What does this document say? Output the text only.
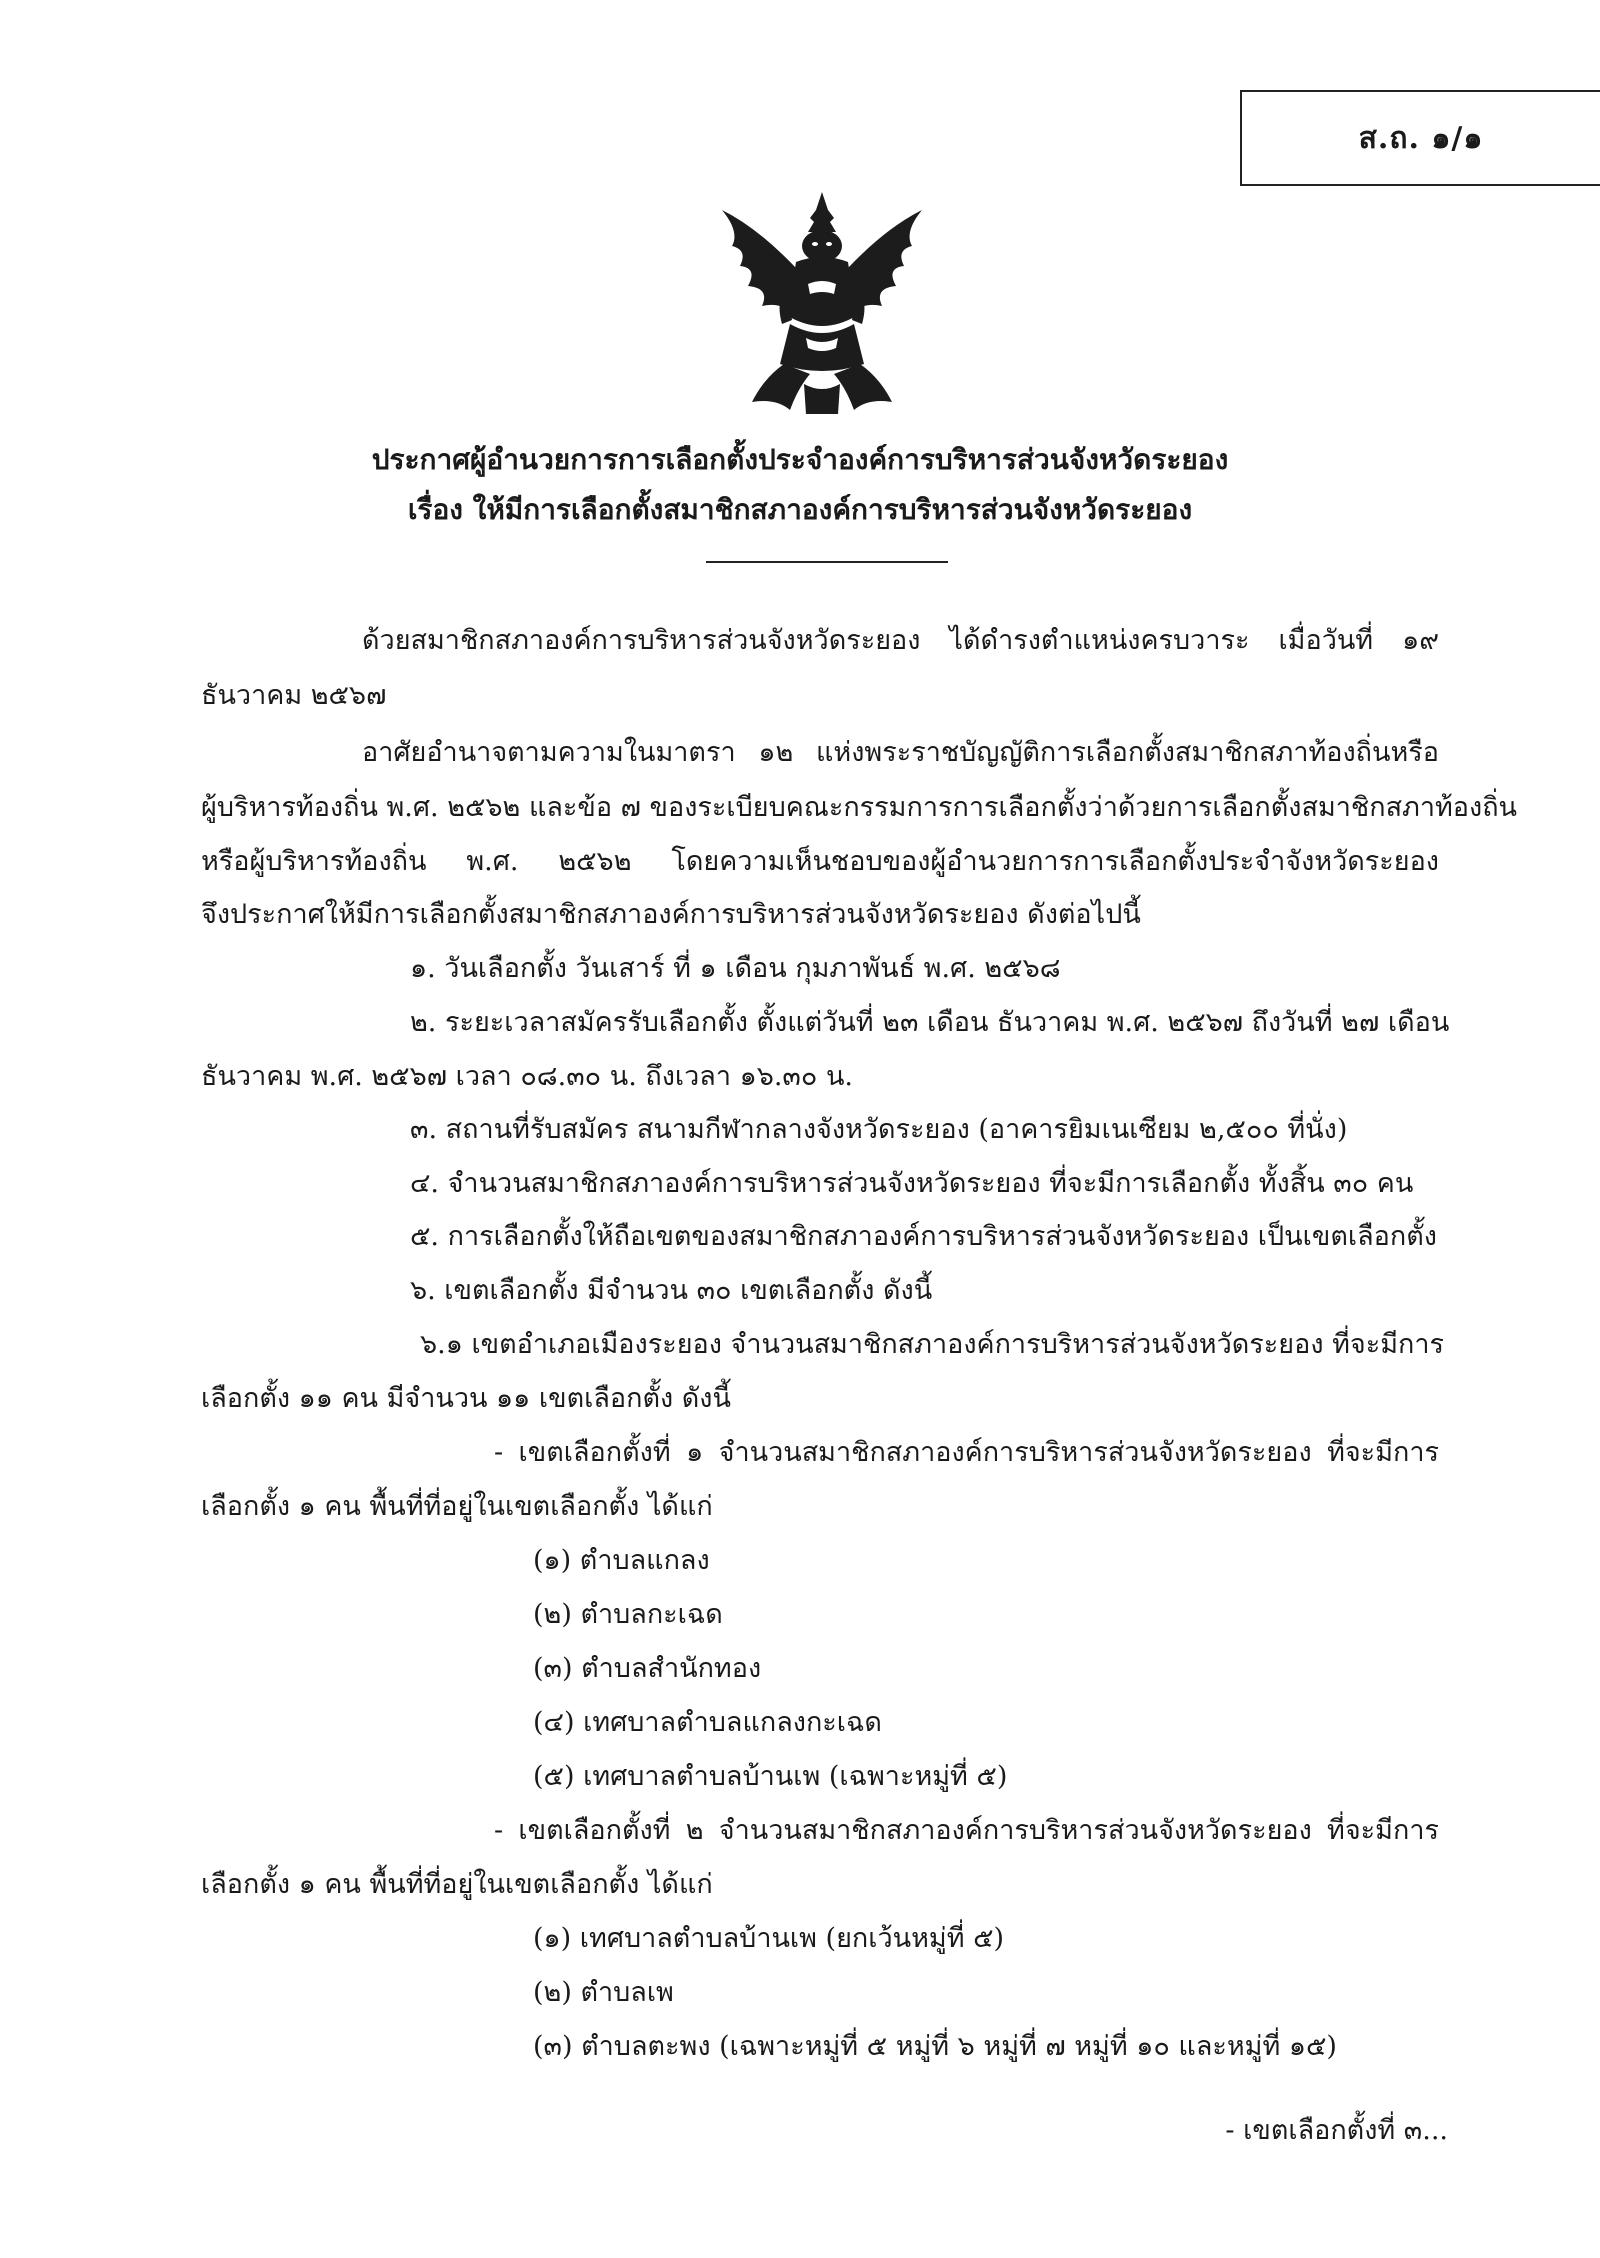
ส.ถ. ๑/๑
ประกาศผู้อำนวยการการเลือกตั้งประจำองค์การบริหารส่วนจังหวัดระยอง
เรื่อง ให้มีการเลือกตั้งสมาชิกสภาองค์การบริหารส่วนจังหวัดระยอง
ด้วยสมาชิกสภาองค์การบริหารส่วนจังหวัดระยอง ได้ดำรงตำแหน่งครบวาระ เมื่อวันที่ ๑๙
ธันวาคม ๒๕๖๗
อาศัยอำนาจตามความในมาตรา ๑๒ แห่งพระราชบัญญัติการเลือกตั้งสมาชิกสภาท้องถิ่นหรือ
ผู้บริหารท้องถิ่น พ.ศ. ๒๕๖๒ และข้อ ๗ ของระเบียบคณะกรรมการการเลือกตั้งว่าด้วยการเลือกตั้งสมาชิกสภาท้องถิ่น
หรือผู้บริหารท้องถิ่น พ.ศ. ๒๕๖๒ โดยความเห็นชอบของผู้อำนวยการการเลือกตั้งประจำจังหวัดระยอง
จึงประกาศให้มีการเลือกตั้งสมาชิกสภาองค์การบริหารส่วนจังหวัดระยอง ดังต่อไปนี้
๑. วันเลือกตั้ง วันเสาร์ ที่ ๑ เดือน กุมภาพันธ์ พ.ศ. ๒๕๖๘
๒. ระยะเวลาสมัครรับเลือกตั้ง ตั้งแต่วันที่ ๒๓ เดือน ธันวาคม พ.ศ. ๒๕๖๗ ถึงวันที่ ๒๗ เดือน
ธันวาคม พ.ศ. ๒๕๖๗ เวลา ๐๘.๓๐ น. ถึงเวลา ๑๖.๓๐ น.
๓. สถานที่รับสมัคร สนามกีฬากลางจังหวัดระยอง (อาคารยิมเนเซียม ๒,๕๐๐ ที่นั่ง)
๔. จำนวนสมาชิกสภาองค์การบริหารส่วนจังหวัดระยอง ที่จะมีการเลือกตั้ง ทั้งสิ้น ๓๐ คน
๕. การเลือกตั้งให้ถือเขตของสมาชิกสภาองค์การบริหารส่วนจังหวัดระยอง เป็นเขตเลือกตั้ง
๖. เขตเลือกตั้ง มีจำนวน ๓๐ เขตเลือกตั้ง ดังนี้
๖.๑ เขตอำเภอเมืองระยอง จำนวนสมาชิกสภาองค์การบริหารส่วนจังหวัดระยอง ที่จะมีการ
เลือกตั้ง ๑๑ คน มีจำนวน ๑๑ เขตเลือกตั้ง ดังนี้
- เขตเลือกตั้งที่ ๑ จำนวนสมาชิกสภาองค์การบริหารส่วนจังหวัดระยอง ที่จะมีการ
เลือกตั้ง ๑ คน พื้นที่ที่อยู่ในเขตเลือกตั้ง ได้แก่
(๑) ตำบลแกลง
(๒) ตำบลกะเฉด
(๓) ตำบลสำนักทอง
(๔) เทศบาลตำบลแกลงกะเฉด
(๕) เทศบาลตำบลบ้านเพ (เฉพาะหมู่ที่ ๕)
- เขตเลือกตั้งที่ ๒ จำนวนสมาชิกสภาองค์การบริหารส่วนจังหวัดระยอง ที่จะมีการ
เลือกตั้ง ๑ คน พื้นที่ที่อยู่ในเขตเลือกตั้ง ได้แก่
(๑) เทศบาลตำบลบ้านเพ (ยกเว้นหมู่ที่ ๕)
(๒) ตำบลเพ
(๓) ตำบลตะพง (เฉพาะหมู่ที่ ๕ หมู่ที่ ๖ หมู่ที่ ๗ หมู่ที่ ๑๐ และหมู่ที่ ๑๕)
- เขตเลือกตั้งที่ ๓...
